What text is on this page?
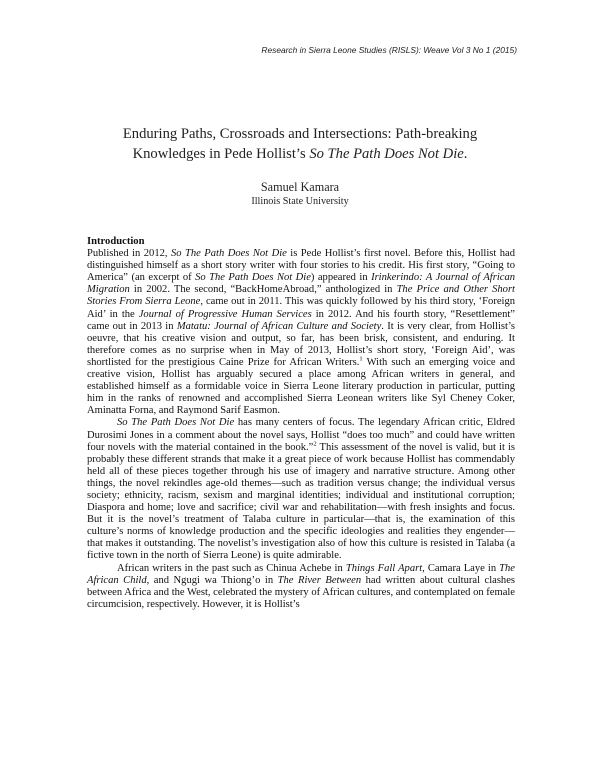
Research in Sierra Leone Studies (RISLS): Weave Vol 3 No 1 (2015)
Enduring Paths, Crossroads and Intersections: Path-breaking
Knowledges in Pede Hollist’s So The Path Does Not Die.
Samuel Kamara
Illinois State University
Introduction

Published in 2012, So The Path Does Not Die is Pede Hollist’s first novel. Before this, Hollist had distinguished himself as a short story writer with four stories to his credit. His first story, “Going to America” (an excerpt of So The Path Does Not Die) appeared in Irinkerindo: A Journal of African Migration in 2002. The second, “BackHomeAbroad,” anthologized in The Price and Other Short Stories From Sierra Leone, came out in 2011. This was quickly followed by his third story, ‘Foreign Aid’ in the Journal of Progressive Human Services in 2012. And his fourth story, “Resettlement” came out in 2013 in Matatu: Journal of African Culture and Society. It is very clear, from Hollist’s oeuvre, that his creative vision and output, so far, has been brisk, consistent, and enduring. It therefore comes as no surprise when in May of 2013, Hollist’s short story, ‘Foreign Aid’, was shortlisted for the prestigious Caine Prize for African Writers.$^1$ With such an emerging voice and creative vision, Hollist has arguably secured a place among African writers in general, and established himself as a formidable voice in Sierra Leone literary production in particular, putting him in the ranks of renowned and accomplished Sierra Leonean writers like Syl Cheney Coker, Aminatta Forna, and Raymond Sarif Easmon.

So The Path Does Not Die has many centers of focus. The legendary African critic, Eldred Durosimi Jones in a comment about the novel says, Hollist “does too much” and could have written four novels with the material contained in the book.”$^2$ This assessment of the novel is valid, but it is probably these different strands that make it a great piece of work because Hollist has commendably held all of these pieces together through his use of imagery and narrative structure. Among other things, the novel rekindles age-old themes—such as tradition versus change; the individual versus society; ethnicity, racism, sexism and marginal identities; individual and institutional corruption; Diaspora and home; love and sacrifice; civil war and rehabilitation—with fresh insights and focus. But it is the novel’s treatment of Talaba culture in particular—that is, the examination of this culture’s norms of knowledge production and the specific ideologies and realities they engender—that makes it outstanding. The novelist’s investigation also of how this culture is resisted in Talaba (a fictive town in the north of Sierra Leone) is quite admirable.

African writers in the past such as Chinua Achebe in Things Fall Apart, Camara Laye in The African Child, and Ngugi wa Thiong’o in The River Between had written about cultural clashes between Africa and the West, celebrated the mystery of African cultures, and contemplated on female circumcision, respectively. However, it is Hollist’s
